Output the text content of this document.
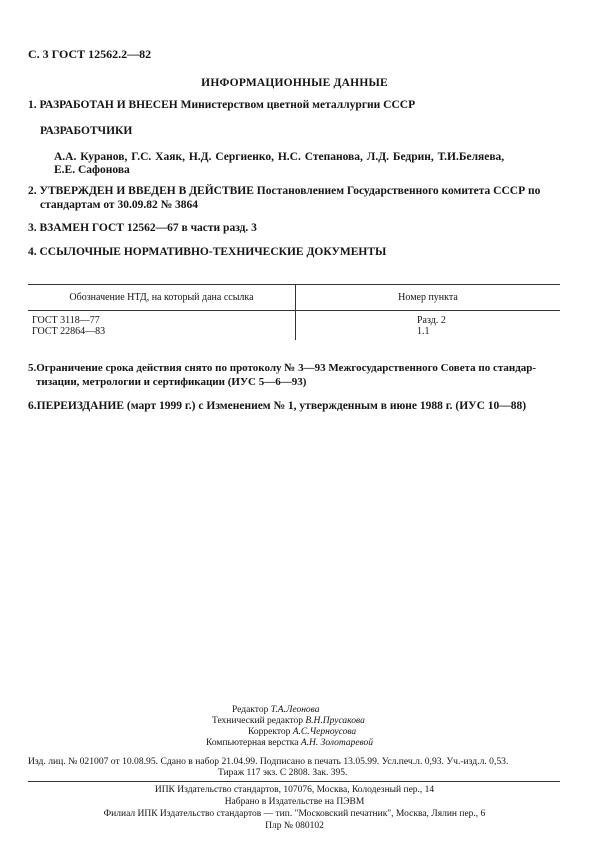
С. 3 ГОСТ 12562.2—82
ИНФОРМАЦИОННЫЕ ДАННЫЕ
1. РАЗРАБОТАН И ВНЕСЕН Министерством цветной металлургии СССР
РАЗРАБОТЧИКИ
А.А. Куранов, Г.С. Хаяк, Н.Д. Сергиенко, Н.С. Степанова, Л.Д. Бедрин, Т.И.Беляева,
Е.Е. Сафонова
2. УТВЕРЖДЕН И ВВЕДЕН В ДЕЙСТВИЕ Постановлением Государственного комитета СССР по
стандартам от 30.09.82 № 3864
3. ВЗАМЕН ГОСТ 12562—67 в части разд. 3
4. ССЫЛОЧНЫЕ НОРМАТИВНО-ТЕХНИЧЕСКИЕ ДОКУМЕНТЫ
Обозначение НТД, на который дана ссылка	Номер пункта
ГОСТ 3118—77	Разд. 2
ГОСТ 22864—83	1.1
5.Ограничение срока действия снято по протоколу № 3—93 Межгосударственного Совета по стандар-
тизации, метрологии и сертификации (ИУС 5—6—93)
6.ПЕРЕИЗДАНИЕ (март 1999 г.) с Изменением № 1, утвержденным в июне 1988 г. (ИУС 10—88)
Редактор Т.А.Леонова
Технический редактор В.Н.Прусакова
Корректор А.С.Черноусова
Компьютерная верстка А.Н. Золотаревой
Изд. лиц. № 021007 от 10.08.95. Сдано в набор 21.04.99. Подписано в печать 13.05.99. Усл.печ.л. 0,93. Уч.-изд.л. 0,53.
Тираж 117 экз. С 2808. Зак. 395.
ИПК Издательство стандартов, 107076, Москва, Колодезный пер., 14
Набрано в Издательстве на ПЭВМ
Филиал ИПК Издательство стандартов — тип. "Московский печатник", Москва, Лялин пер., 6
Плр № 080102
